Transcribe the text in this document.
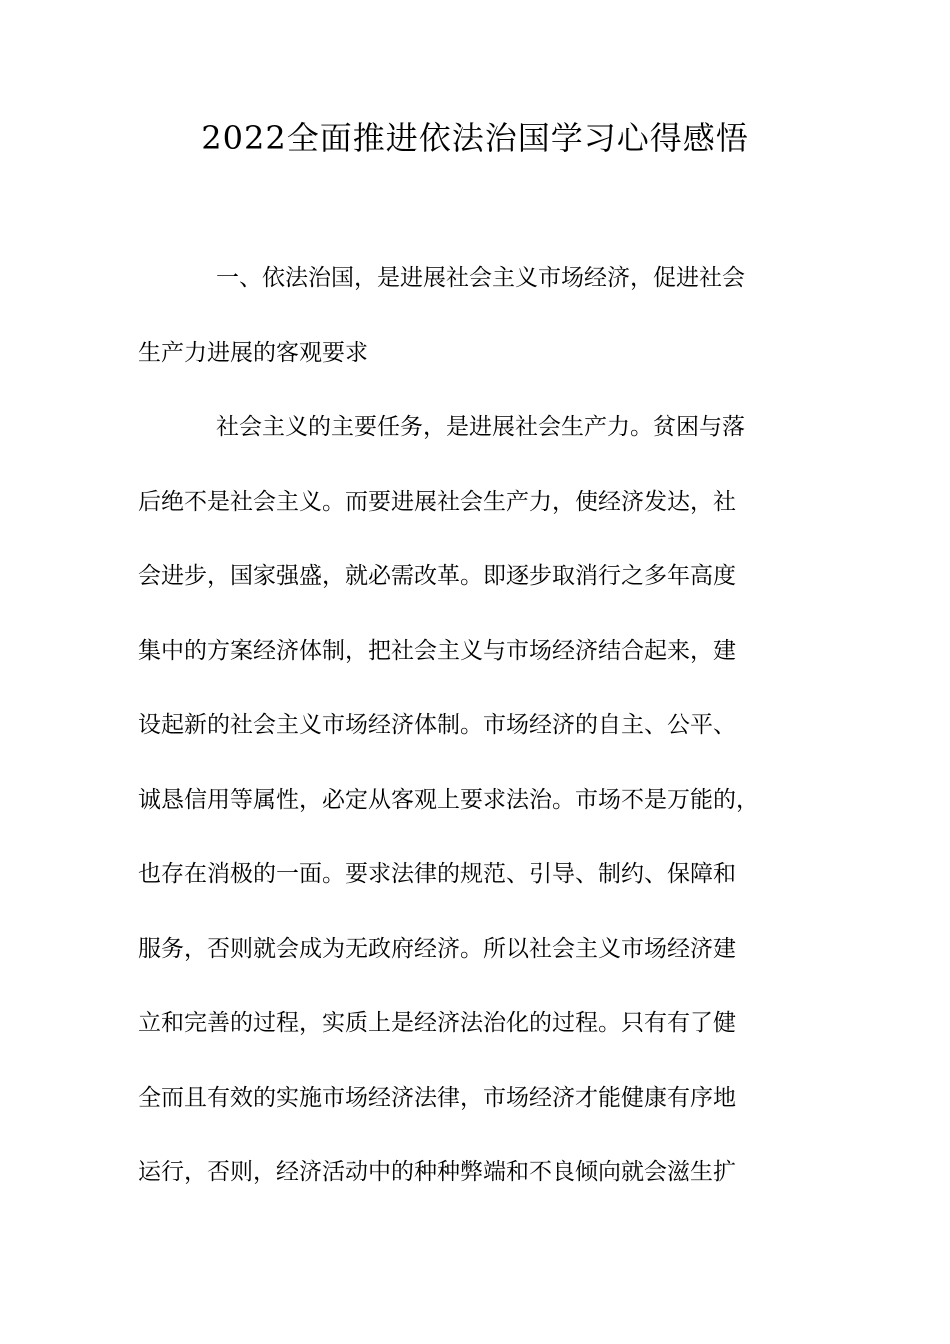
2022全面推进依法治国学习心得感悟
一、依法治国，是进展社会主义市场经济，促进社会
生产力进展的客观要求
社会主义的主要任务，是进展社会生产力。贫困与落
后绝不是社会主义。而要进展社会生产力，使经济发达，社
会进步，国家强盛，就必需改革。即逐步取消行之多年高度
集中的方案经济体制，把社会主义与市场经济结合起来，建
设起新的社会主义市场经济体制。市场经济的自主、公平、
诚恳信用等属性，必定从客观上要求法治。市场不是万能的，
也存在消极的一面。要求法律的规范、引导、制约、保障和
服务，否则就会成为无政府经济。所以社会主义市场经济建
立和完善的过程，实质上是经济法治化的过程。只有有了健
全而且有效的实施市场经济法律，市场经济才能健康有序地
运行，否则，经济活动中的种种弊端和不良倾向就会滋生扩
